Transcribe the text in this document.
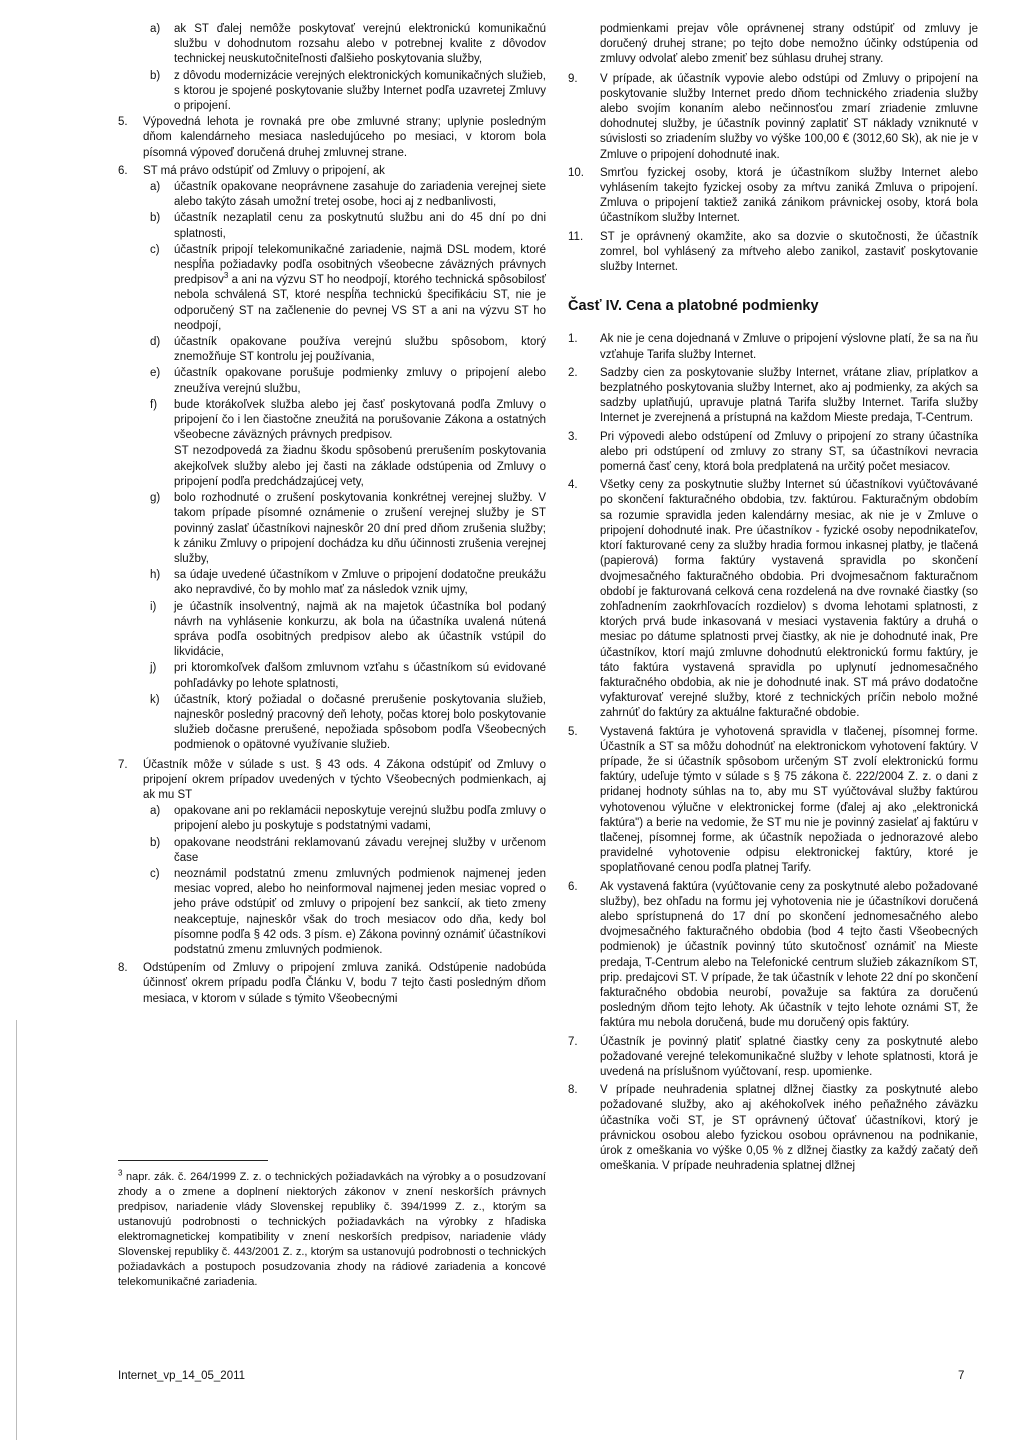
a) ak ST ďalej nemôže poskytovať verejnú elektronickú komunikačnú službu v dohodnutom rozsahu alebo v potrebnej kvalite z dôvodov technickej neuskutočniteľnosti ďalšieho poskytovania služby,
b) z dôvodu modernizácie verejných elektronických komunikačných služieb, s ktorou je spojené poskytovanie služby Internet podľa uzavretej Zmluvy o pripojení.
5. Výpovedná lehota je rovnaká pre obe zmluvné strany; uplynie posledným dňom kalendárneho mesiaca nasledujúceho po mesiaci, v ktorom bola písomná výpoveď doručená druhej zmluvnej strane.
6. ST má právo odstúpiť od Zmluvy o pripojení, ak
a) účastník opakovane neoprávnene zasahuje do zariadenia verejnej siete alebo takýto zásah umožní tretej osobe, hoci aj z nedbanlivosti,
b) účastník nezaplatil cenu za poskytnutú službu ani do 45 dní po dni splatnosti,
c) účastník pripojí telekomunikačné zariadenie, najmä DSL modem, ktoré nespĺňa požiadavky podľa osobitných všeobecne záväzných právnych predpisov$^3$ a ani na výzvu ST ho neodpojí, ktorého technická spôsobilosť nebola schválená ST, ktoré nespĺňa technickú špecifikáciu ST, nie je odporučený ST na začlenenie do pevnej VS ST a ani na výzvu ST ho neodpojí,
d) účastník opakovane používa verejnú službu spôsobom, ktorý znemožňuje ST kontrolu jej používania,
e) účastník opakovane porušuje podmienky zmluvy o pripojení alebo zneužíva verejnú službu,
f) bude ktorákoľvek služba alebo jej časť poskytovaná podľa Zmluvy o pripojení čo i len čiastočne zneužitá na porušovanie Zákona a ostatných všeobecne záväzných právnych predpisov.
ST nezodpovedá za žiadnu škodu spôsobenú prerušením poskytovania akejkoľvek služby alebo jej časti na základe odstúpenia od Zmluvy o pripojení podľa predchádzajúcej vety,
g) bolo rozhodnuté o zrušení poskytovania konkrétnej verejnej služby. V takom prípade písomné oznámenie o zrušení verejnej služby je ST povinný zaslať účastníkovi najneskôr 20 dní pred dňom zrušenia služby; k zániku Zmluvy o pripojení dochádza ku dňu účinnosti zrušenia verejnej služby,
h) sa údaje uvedené účastníkom v Zmluve o pripojení dodatočne preukážu ako nepravdivé, čo by mohlo mať za následok vznik ujmy,
i) je účastník insolventný, najmä ak na majetok účastníka bol podaný návrh na vyhlásenie konkurzu, ak bola na účastníka uvalená nútená správa podľa osobitných predpisov alebo ak účastník vstúpil do likvidácie,
j) pri ktoromkoľvek ďalšom zmluvnom vzťahu s účastníkom sú evidované pohľadávky po lehote splatnosti,
k) účastník, ktorý požiadal o dočasné prerušenie poskytovania služieb, najneskôr posledný pracovný deň lehoty, počas ktorej bolo poskytovanie služieb dočasne prerušené, nepožiada spôsobom podľa Všeobecných podmienok o opätovné využívanie služieb.
7. Účastník môže v súlade s ust. § 43 ods. 4 Zákona odstúpiť od Zmluvy o pripojení okrem prípadov uvedených v týchto Všeobecných podmienkach, aj ak mu ST
a) opakovane ani po reklamácii neposkytuje verejnú službu podľa zmluvy o pripojení alebo ju poskytuje s podstatnými vadami,
b) opakovane neodstráni reklamovanú závadu verejnej služby v určenom čase
c) neoznámil podstatnú zmenu zmluvných podmienok najmenej jeden mesiac vopred, alebo ho neinformoval najmenej jeden mesiac vopred o jeho práve odstúpiť od zmluvy o pripojení bez sankcií, ak tieto zmeny neakceptuje, najneskôr však do troch mesiacov odo dňa, kedy bol písomne podľa § 42 ods. 3 písm. e) Zákona povinný oznámiť účastníkovi podstatnú zmenu zmluvných podmienok.
8. Odstúpením od Zmluvy o pripojení zmluva zaniká. Odstúpenie nadobúda účinnosť okrem prípadu podľa Článku V, bodu 7 tejto časti posledným dňom mesiaca, v ktorom v súlade s týmito Všeobecnými
$^3$ napr. zák. č. 264/1999 Z. z. o technických požiadavkách na výrobky a o posudzovaní zhody a o zmene a doplnení niektorých zákonov v znení neskorších právnych predpisov, nariadenie vlády Slovenskej republiky č. 394/1999 Z. z., ktorým sa ustanovujú podrobnosti o technických požiadavkách na výrobky z hľadiska elektromagnetickej kompatibility v znení neskorších predpisov, nariadenie vlády Slovenskej republiky č. 443/2001 Z. z., ktorým sa ustanovujú podrobnosti o technických požiadavkách a postupoch posudzovania zhody na rádiové zariadenia a koncové telekomunikačné zariadenia.
podmienkami prejav vôle oprávnenej strany odstúpiť od zmluvy je doručený druhej strane; po tejto dobe nemožno účinky odstúpenia od zmluvy odvolať alebo zmeniť bez súhlasu druhej strany.
9. V prípade, ak účastník vypovie alebo odstúpi od Zmluvy o pripojení na poskytovanie služby Internet predo dňom technického zriadenia služby alebo svojím konaním alebo nečinnosťou zmarí zriadenie zmluvne dohodnutej služby, je účastník povinný zaplatiť ST náklady vzniknuté v súvislosti so zriadením služby vo výške 100,00 € (3012,60 Sk), ak nie je v Zmluve o pripojení dohodnuté inak.
10. Smrťou fyzickej osoby, ktorá je účastníkom služby Internet alebo vyhlásením takejto fyzickej osoby za mŕtvu zaniká Zmluva o pripojení. Zmluva o pripojení taktiež zaniká zánikom právnickej osoby, ktorá bola účastníkom služby Internet.
11. ST je oprávnený okamžite, ako sa dozvie o skutočnosti, že účastník zomrel, bol vyhlásený za mŕtveho alebo zanikol, zastaviť poskytovanie služby Internet.
Časť IV. Cena a platobné podmienky
1. Ak nie je cena dojednaná v Zmluve o pripojení výslovne platí, že sa na ňu vzťahuje Tarifa služby Internet.
2. Sadzby cien za poskytovanie služby Internet, vrátane zliav, príplatkov a bezplatného poskytovania služby Internet, ako aj podmienky, za akých sa sadzby uplatňujú, upravuje platná Tarifa služby Internet. Tarifa služby Internet je zverejnená a prístupná na každom Mieste predaja, T-Centrum.
3. Pri výpovedi alebo odstúpení od Zmluvy o pripojení zo strany účastníka alebo pri odstúpení od zmluvy zo strany ST, sa účastníkovi nevracia pomerná časť ceny, ktorá bola predplatená na určitý počet mesiacov.
4. Všetky ceny za poskytnutie služby Internet sú účastníkovi vyúčtovávané po skončení fakturačného obdobia, tzv. faktúrou. Fakturačným obdobím sa rozumie spravidla jeden kalendárny mesiac, ak nie je v Zmluve o pripojení dohodnuté inak. Pre účastníkov - fyzické osoby nepodnikateľov, ktorí fakturované ceny za služby hradia formou inkasnej platby, je tlačená (papierová) forma faktúry vystavená spravidla po skončení dvojmesačného fakturačného obdobia. Pri dvojmesačnom fakturačnom období je fakturovaná celková cena rozdelená na dve rovnaké čiastky (so zohľadnením zaokrhľovacích rozdielov) s dvoma lehotami splatnosti, z ktorých prvá bude inkasovaná v mesiaci vystavenia faktúry a druhá o mesiac po dátume splatnosti prvej čiastky, ak nie je dohodnuté inak, Pre účastníkov, ktorí majú zmluvne dohodnutú elektronickú formu faktúry, je táto faktúra vystavená spravidla po uplynutí jednomesačného fakturačného obdobia, ak nie je dohodnuté inak. ST má právo dodatočne vyfakturovať verejné služby, ktoré z technických príčin nebolo možné zahrnúť do faktúry za aktuálne fakturačné obdobie.
5. Vystavená faktúra je vyhotovená spravidla v tlačenej, písomnej forme. Účastník a ST sa môžu dohodnúť na elektronickom vyhotovení faktúry. V prípade, že si účastník spôsobom určeným ST zvolí elektronickú formu faktúry, udeľuje týmto v súlade s § 75 zákona č. 222/2004 Z. z. o dani z pridanej hodnoty súhlas na to, aby mu ST vyúčtovával služby faktúrou vyhotovenou výlučne v elektronickej forme (ďalej aj ako „elektronická faktúra") a berie na vedomie, že ST mu nie je povinný zasielať aj faktúru v tlačenej, písomnej forme, ak účastník nepožiada o jednorazové alebo pravidelné vyhotovenie odpisu elektronickej faktúry, ktoré je spoplatňované cenou podľa platnej Tarify.
6. Ak vystavená faktúra (vyúčtovanie ceny za poskytnuté alebo požadované služby), bez ohľadu na formu jej vyhotovenia nie je účastníkovi doručená alebo sprístupnená do 17 dní po skončení jednomesačného alebo dvojmesačného fakturačného obdobia (bod 4 tejto časti Všeobecných podmienok) je účastník povinný túto skutočnosť oznámiť na Mieste predaja, T-Centrum alebo na Telefonické centrum služieb zákazníkom ST, prip. predajcovi ST. V prípade, že tak účastník v lehote 22 dní po skončení fakturačného obdobia neurobí, považuje sa faktúra za doručenú posledným dňom tejto lehoty. Ak účastník v tejto lehote oznámi ST, že faktúra mu nebola doručená, bude mu doručený opis faktúry.
7. Účastník je povinný platiť splatné čiastky ceny za poskytnuté alebo požadované verejné telekomunikačné služby v lehote splatnosti, ktorá je uvedená na príslušnom vyúčtovaní, resp. upomienke.
8. V prípade neuhradenia splatnej dlžnej čiastky za poskytnuté alebo požadované služby, ako aj akéhokoľvek iného peňažného záväzku účastníka voči ST, je ST oprávnený účtovať účastníkovi, ktorý je právnickou osobou alebo fyzickou osobou oprávnenou na podnikanie, úrok z omeškania vo výške 0,05 % z dlžnej čiastky za každý začatý deň omeškania. V prípade neuhradenia splatnej dlžnej
Internet_vp_14_05_2011	7
